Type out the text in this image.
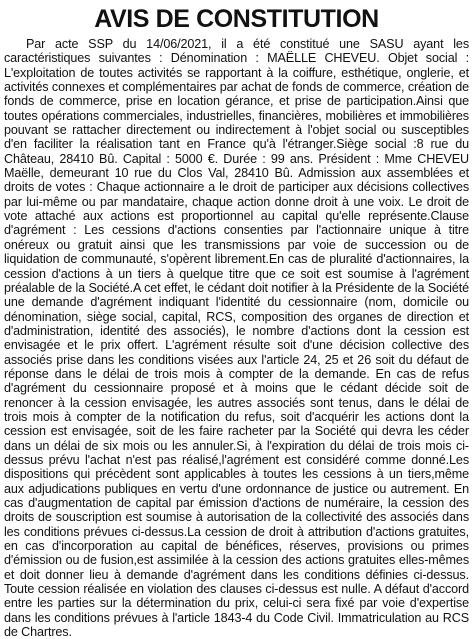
AVIS DE CONSTITUTION

Par acte SSP du 14/06/2021, il a été constitué une SASU ayant les caractéristiques suivantes : Dénomination : MAËLLE CHEVEU. Objet social : L'exploitation de toutes activités se rapportant à la coiffure, esthétique, onglerie, et activités connexes et complémentaires par achat de fonds de commerce, création de fonds de commerce, prise en location gérance, et prise de participation.Ainsi que toutes opérations commerciales, industrielles, financières, mobilières et immobilières pouvant se rattacher directement ou indirectement à l'objet social ou susceptibles d'en faciliter la réalisation tant en France qu'à l'étranger.Siège social :8 rue du Château, 28410 Bû. Capital : 5000 €. Durée : 99 ans. Président : Mme CHEVEU Maëlle, demeurant 10 rue du Clos Val, 28410 Bû. Admission aux assemblées et droits de votes : Chaque actionnaire a le droit de participer aux décisions collectives par lui-même ou par mandataire, chaque action donne droit à une voix. Le droit de vote attaché aux actions est proportionnel au capital qu'elle représente.Clause d'agrément : Les cessions d'actions consenties par l'actionnaire unique à titre onéreux ou gratuit ainsi que les transmissions par voie de succession ou de liquidation de communauté, s'opèrent librement.En cas de pluralité d'actionnaires, la cession d'actions à un tiers à quelque titre que ce soit est soumise à l'agrément préalable de la Société.A cet effet, le cédant doit notifier à la Présidente de la Société une demande d'agrément indiquant l'identité du cessionnaire (nom, domicile ou dénomination, siège social, capital, RCS, composition des organes de direction et d'administration, identité des associés), le nombre d'actions dont la cession est envisagée et le prix offert. L'agrément résulte soit d'une décision collective des associés prise dans les conditions visées aux l'article 24, 25 et 26 soit du défaut de réponse dans le délai de trois mois à compter de la demande. En cas de refus d'agrément du cessionnaire proposé et à moins que le cédant décide soit de renoncer à la cession envisagée, les autres associés sont tenus, dans le délai de trois mois à compter de la notification du refus, soit d'acquérir les actions dont la cession est envisagée, soit de les faire racheter par la Société qui devra les céder dans un délai de six mois ou les annuler.Si, à l'expiration du délai de trois mois ci-dessus prévu l'achat n'est pas réalisé,l'agrément est considéré comme donné.Les dispositions qui précèdent sont applicables à toutes les cessions à un tiers,même aux adjudications publiques en vertu d'une ordonnance de justice ou autrement. En cas d'augmentation de capital par émission d'actions de numéraire, la cession des droits de souscription est soumise à autorisation de la collectivité des associés dans les conditions prévues ci-dessus.La cession de droit à attribution d'actions gratuites, en cas d'incorporation au capital de bénéfices, réserves, provisions ou primes d'émission ou de fusion,est assimilée à la cession des actions gratuites elles-mêmes et doit donner lieu à demande d'agrément dans les conditions définies ci-dessus. Toute cession réalisée en violation des clauses ci-dessus est nulle. A défaut d'accord entre les parties sur la détermination du prix, celui-ci sera fixé par voie d'expertise dans les conditions prévues à l'article 1843-4 du Code Civil. Immatriculation au RCS de Chartres.
